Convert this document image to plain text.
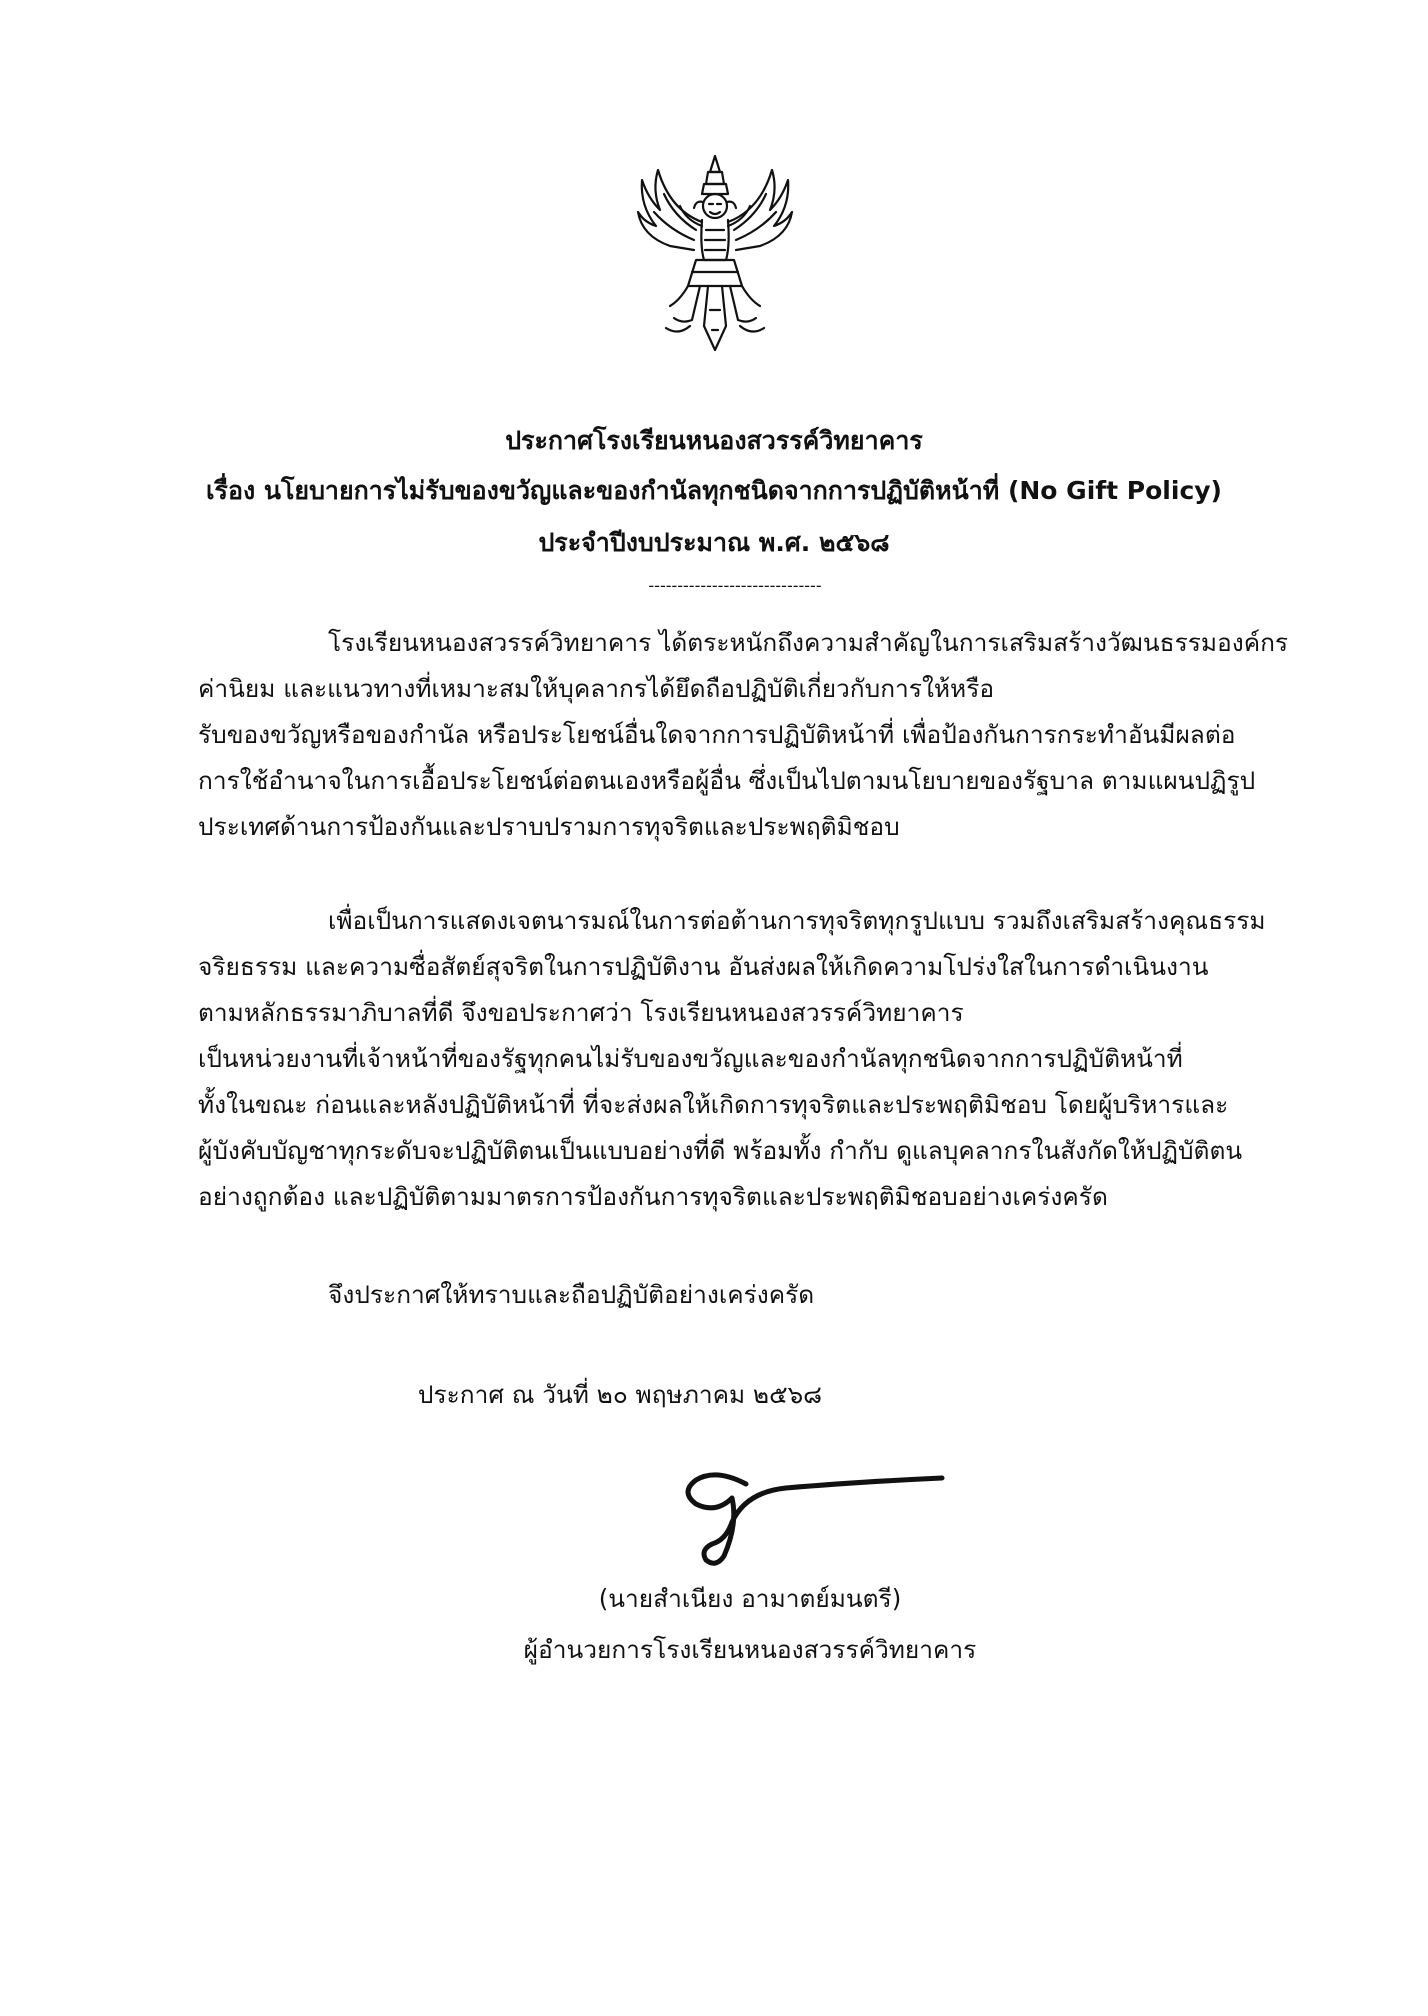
ประกาศโรงเรียนหนองสวรรค์วิทยาคาร
เรื่อง นโยบายการไม่รับของขวัญและของกำนัลทุกชนิดจากการปฏิบัติหน้าที่ (No Gift Policy)
ประจำปีงบประมาณ พ.ศ. ๒๕๖๘
------------------------------
โรงเรียนหนองสวรรค์วิทยาคาร ได้ตระหนักถึงความสำคัญในการเสริมสร้างวัฒนธรรมองค์กร
ค่านิยม และแนวทางที่เหมาะสมให้บุคลากรได้ยึดถือปฏิบัติเกี่ยวกับการให้หรือ
รับของขวัญหรือของกำนัล หรือประโยชน์อื่นใดจากการปฏิบัติหน้าที่ เพื่อป้องกันการกระทำอันมีผลต่อ
การใช้อำนาจในการเอื้อประโยชน์ต่อตนเองหรือผู้อื่น ซึ่งเป็นไปตามนโยบายของรัฐบาล ตามแผนปฏิรูป
ประเทศด้านการป้องกันและปราบปรามการทุจริตและประพฤติมิชอบ
เพื่อเป็นการแสดงเจตนารมณ์ในการต่อต้านการทุจริตทุกรูปแบบ รวมถึงเสริมสร้างคุณธรรม
จริยธรรม และความซื่อสัตย์สุจริตในการปฏิบัติงาน อันส่งผลให้เกิดความโปร่งใสในการดำเนินงาน
ตามหลักธรรมาภิบาลที่ดี จึงขอประกาศว่า โรงเรียนหนองสวรรค์วิทยาคาร
เป็นหน่วยงานที่เจ้าหน้าที่ของรัฐทุกคนไม่รับของขวัญและของกำนัลทุกชนิดจากการปฏิบัติหน้าที่
ทั้งในขณะ ก่อนและหลังปฏิบัติหน้าที่ ที่จะส่งผลให้เกิดการทุจริตและประพฤติมิชอบ โดยผู้บริหารและ
ผู้บังคับบัญชาทุกระดับจะปฏิบัติตนเป็นแบบอย่างที่ดี พร้อมทั้ง กำกับ ดูแลบุคลากรในสังกัดให้ปฏิบัติตน
อย่างถูกต้อง และปฏิบัติตามมาตรการป้องกันการทุจริตและประพฤติมิชอบอย่างเคร่งครัด
จึงประกาศให้ทราบและถือปฏิบัติอย่างเคร่งครัด
ประกาศ ณ วันที่ ๒๐ พฤษภาคม ๒๕๖๘
(นายสำเนียง อามาตย์มนตรี)
ผู้อำนวยการโรงเรียนหนองสวรรค์วิทยาคาร
